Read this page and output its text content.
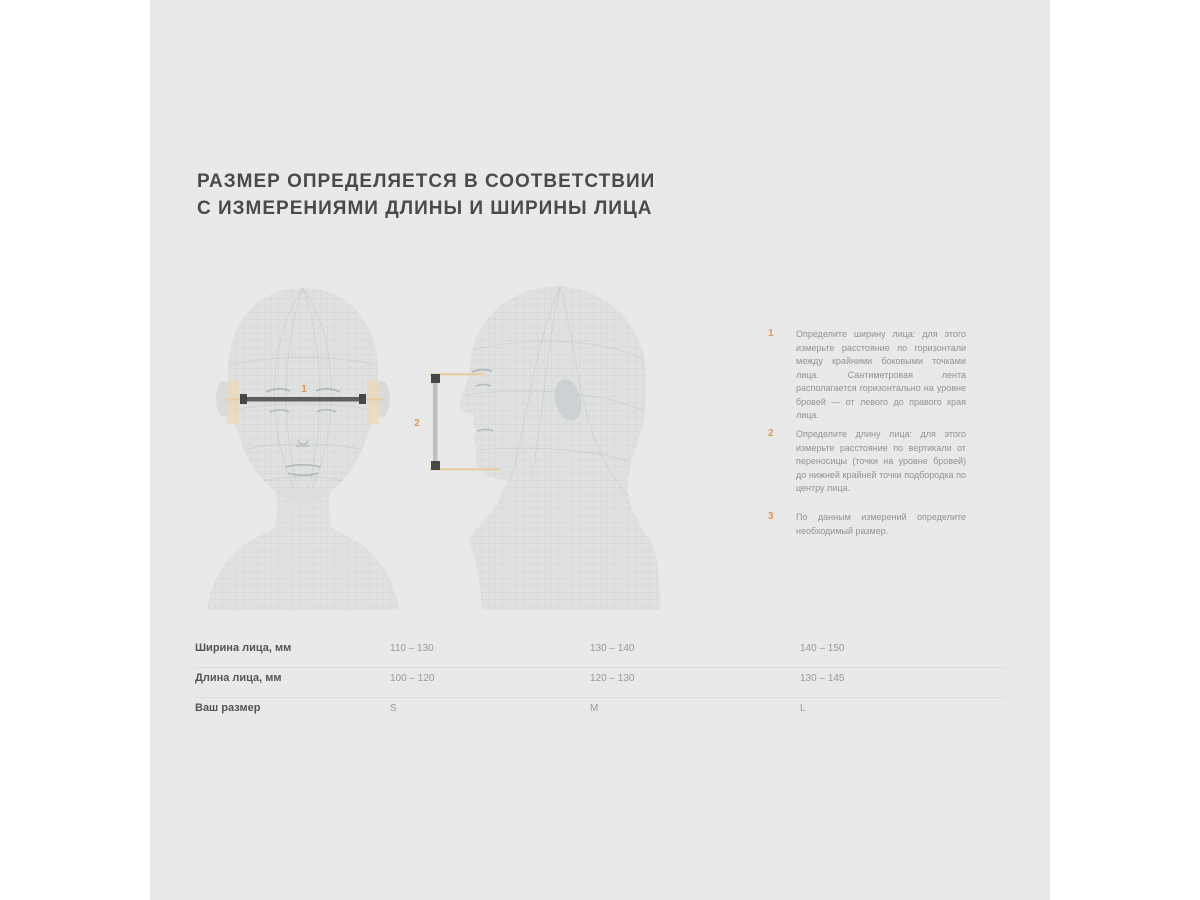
РАЗМЕР ОПРЕДЕЛЯЕТСЯ В СООТВЕТСТВИИ
С ИЗМЕРЕНИЯМИ ДЛИНЫ И ШИРИНЫ ЛИЦА
1
2
1	Определите ширину лица: для этого измерьте расстояние по горизонтали между крайними боковыми точками лица. Сантиметровая лента располагается горизонтально на уровне бровей — от левого до правого края лица.
2	Определите длину лица: для этого измерьте расстояние по вертикали от переносицы (точки на уровне бровей) до нижней крайней точки подбородка по центру лица.
3	По данным измерений определите необходимый размер.
Ширина лица, мм	110 – 130	130 – 140	140 – 150
Длина лица, мм	100 – 120	120 – 130	130 – 145
Ваш размер	S	M	L
